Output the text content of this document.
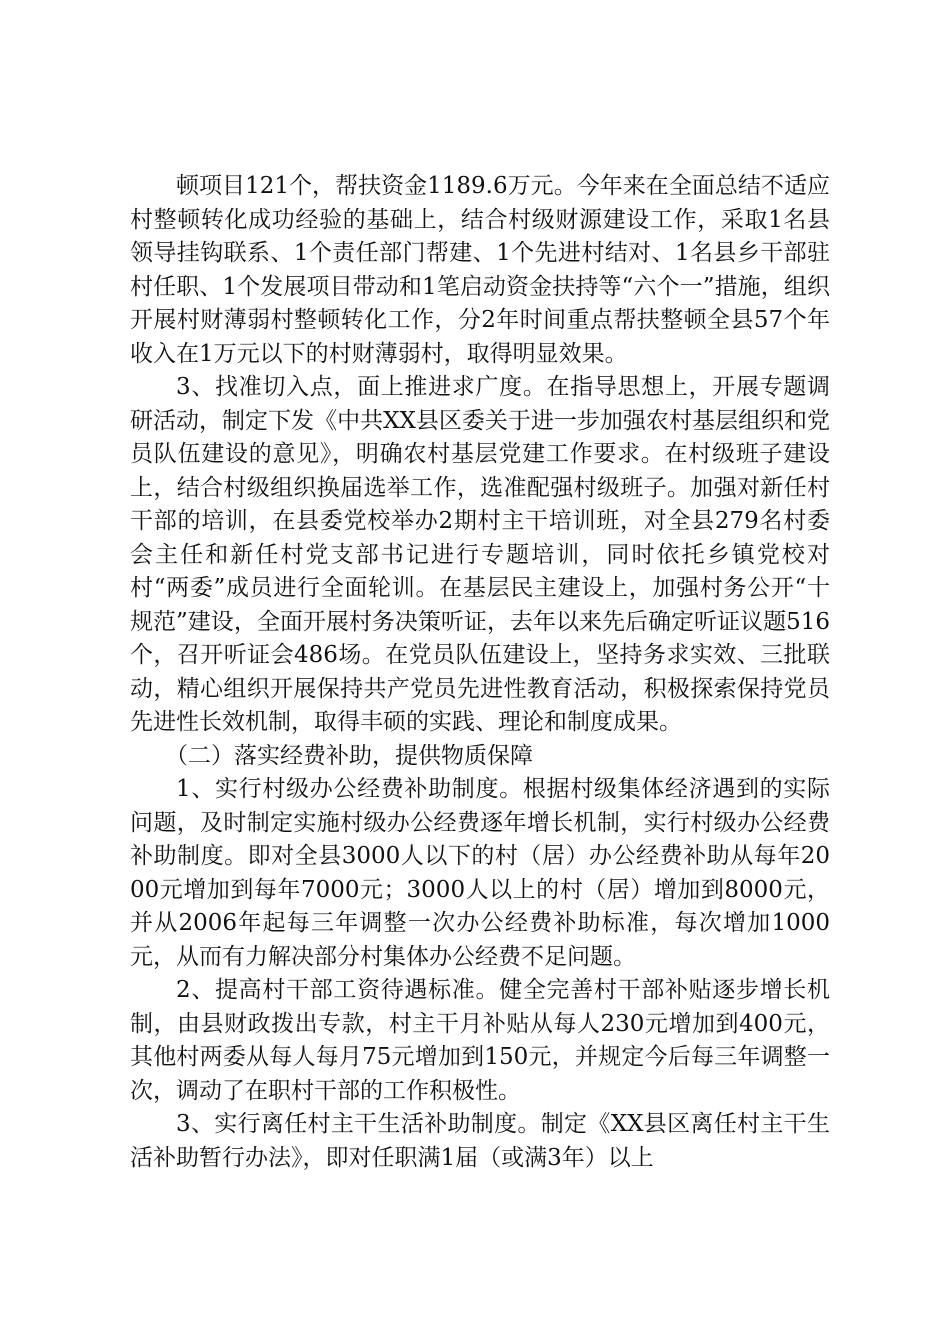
顿项目121个，帮扶资金1189.6万元。今年来在全面总结不适应村整顿转化成功经验的基础上，结合村级财源建设工作，采取1名县领导挂钩联系、1个责任部门帮建、1个先进村结对、1名县乡干部驻村任职、1个发展项目带动和1笔启动资金扶持等“六个一”措施，组织开展村财薄弱村整顿转化工作，分2年时间重点帮扶整顿全县57个年收入在1万元以下的村财薄弱村，取得明显效果。

3、找准切入点，面上推进求广度。在指导思想上，开展专题调研活动，制定下发《中共XX县区委关于进一步加强农村基层组织和党员队伍建设的意见》，明确农村基层党建工作要求。在村级班子建设上，结合村级组织换届选举工作，选准配强村级班子。加强对新任村干部的培训，在县委党校举办2期村主干培训班，对全县279名村委会主任和新任村党支部书记进行专题培训，同时依托乡镇党校对村“两委”成员进行全面轮训。在基层民主建设上，加强村务公开“十规范”建设，全面开展村务决策听证，去年以来先后确定听证议题516个，召开听证会486场。在党员队伍建设上，坚持务求实效、三批联动，精心组织开展保持共产党员先进性教育活动，积极探索保持党员先进性长效机制，取得丰硕的实践、理论和制度成果。

（二）落实经费补助，提供物质保障

1、实行村级办公经费补助制度。根据村级集体经济遇到的实际问题，及时制定实施村级办公经费逐年增长机制，实行村级办公经费补助制度。即对全县3000人以下的村（居）办公经费补助从每年2000元增加到每年7000元；3000人以上的村（居）增加到8000元，并从2006年起每三年调整一次办公经费补助标准，每次增加1000元，从而有力解决部分村集体办公经费不足问题。

2、提高村干部工资待遇标准。健全完善村干部补贴逐步增长机制，由县财政拨出专款，村主干月补贴从每人230元增加到400元，其他村两委从每人每月75元增加到150元，并规定今后每三年调整一次，调动了在职村干部的工作积极性。

3、实行离任村主干生活补助制度。制定《XX县区离任村主干生活补助暂行办法》，即对任职满1届（或满3年）以上
